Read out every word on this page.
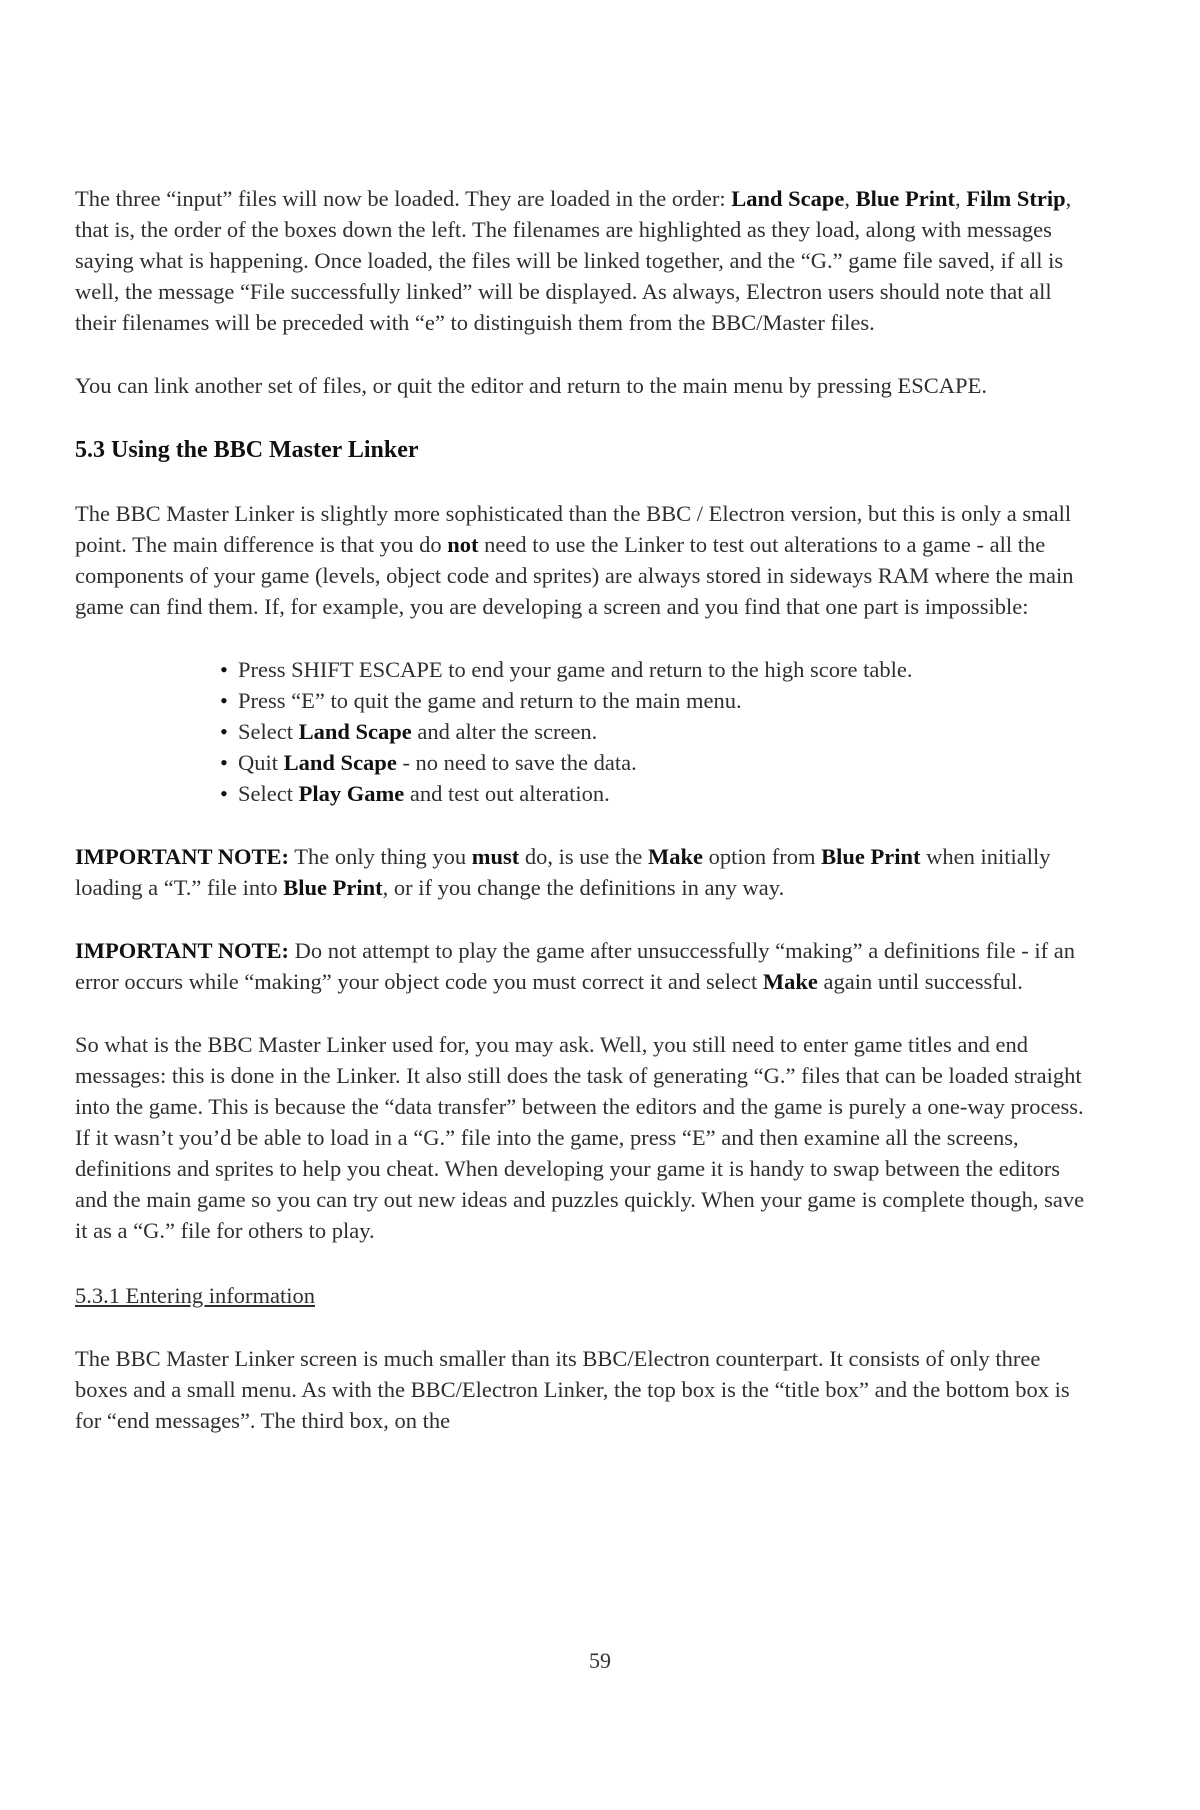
The three “input” files will now be loaded. They are loaded in the order: Land Scape, Blue Print, Film Strip, that is, the order of the boxes down the left. The filenames are highlighted as they load, along with messages saying what is happening. Once loaded, the files will be linked together, and the “G.” game file saved, if all is well, the message “File successfully linked” will be displayed. As always, Electron users should note that all their filenames will be preceded with “e” to distinguish them from the BBC/Master files.

You can link another set of files, or quit the editor and return to the main menu by pressing ESCAPE.

5.3 Using the BBC Master Linker

The BBC Master Linker is slightly more sophisticated than the BBC / Electron version, but this is only a small point. The main difference is that you do not need to use the Linker to test out alterations to a game - all the components of your game (levels, object code and sprites) are always stored in sideways RAM where the main game can find them. If, for example, you are developing a screen and you find that one part is impossible:

• Press SHIFT ESCAPE to end your game and return to the high score table.
• Press “E” to quit the game and return to the main menu.
• Select Land Scape and alter the screen.
• Quit Land Scape - no need to save the data.
• Select Play Game and test out alteration.

IMPORTANT NOTE: The only thing you must do, is use the Make option from Blue Print when initially loading a “T.” file into Blue Print, or if you change the definitions in any way.

IMPORTANT NOTE: Do not attempt to play the game after unsuccessfully “making” a definitions file - if an error occurs while “making” your object code you must correct it and select Make again until successful.

So what is the BBC Master Linker used for, you may ask. Well, you still need to enter game titles and end messages: this is done in the Linker. It also still does the task of generating “G.” files that can be loaded straight into the game. This is because the “data transfer” between the editors and the game is purely a one-way process. If it wasn’t you’d be able to load in a “G.” file into the game, press “E” and then examine all the screens, definitions and sprites to help you cheat. When developing your game it is handy to swap between the editors and the main game so you can try out new ideas and puzzles quickly. When your game is complete though, save it as a “G.” file for others to play.

5.3.1 Entering information

The BBC Master Linker screen is much smaller than its BBC/Electron counterpart. It consists of only three boxes and a small menu. As with the BBC/Electron Linker, the top box is the “title box” and the bottom box is for “end messages”. The third box, on the

59
